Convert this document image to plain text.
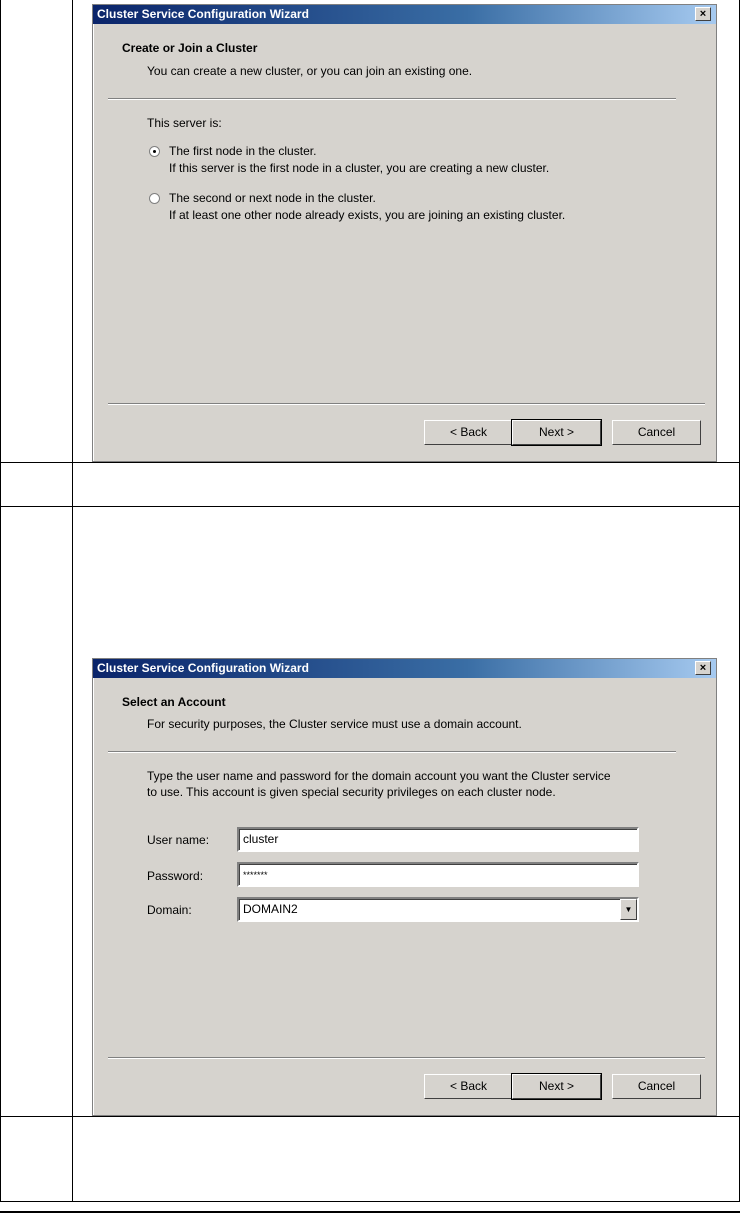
Cluster Service Configuration Wizard	×
Create or Join a Cluster
You can create a new cluster, or you can join an existing one.
This server is:
The first node in the cluster.
If this server is the first node in a cluster, you are creating a new cluster.
The second or next node in the cluster.
If at least one other node already exists, you are joining an existing cluster.
< Back	Next >	Cancel
Cluster Service Configuration Wizard	×
Select an Account
For security purposes, the Cluster service must use a domain account.
Type the user name and password for the domain account you want the Cluster service
to use. This account is given special security privileges on each cluster node.
User name:	cluster
Password:	*******
Domain:	DOMAIN2	▼
< Back	Next >	Cancel
